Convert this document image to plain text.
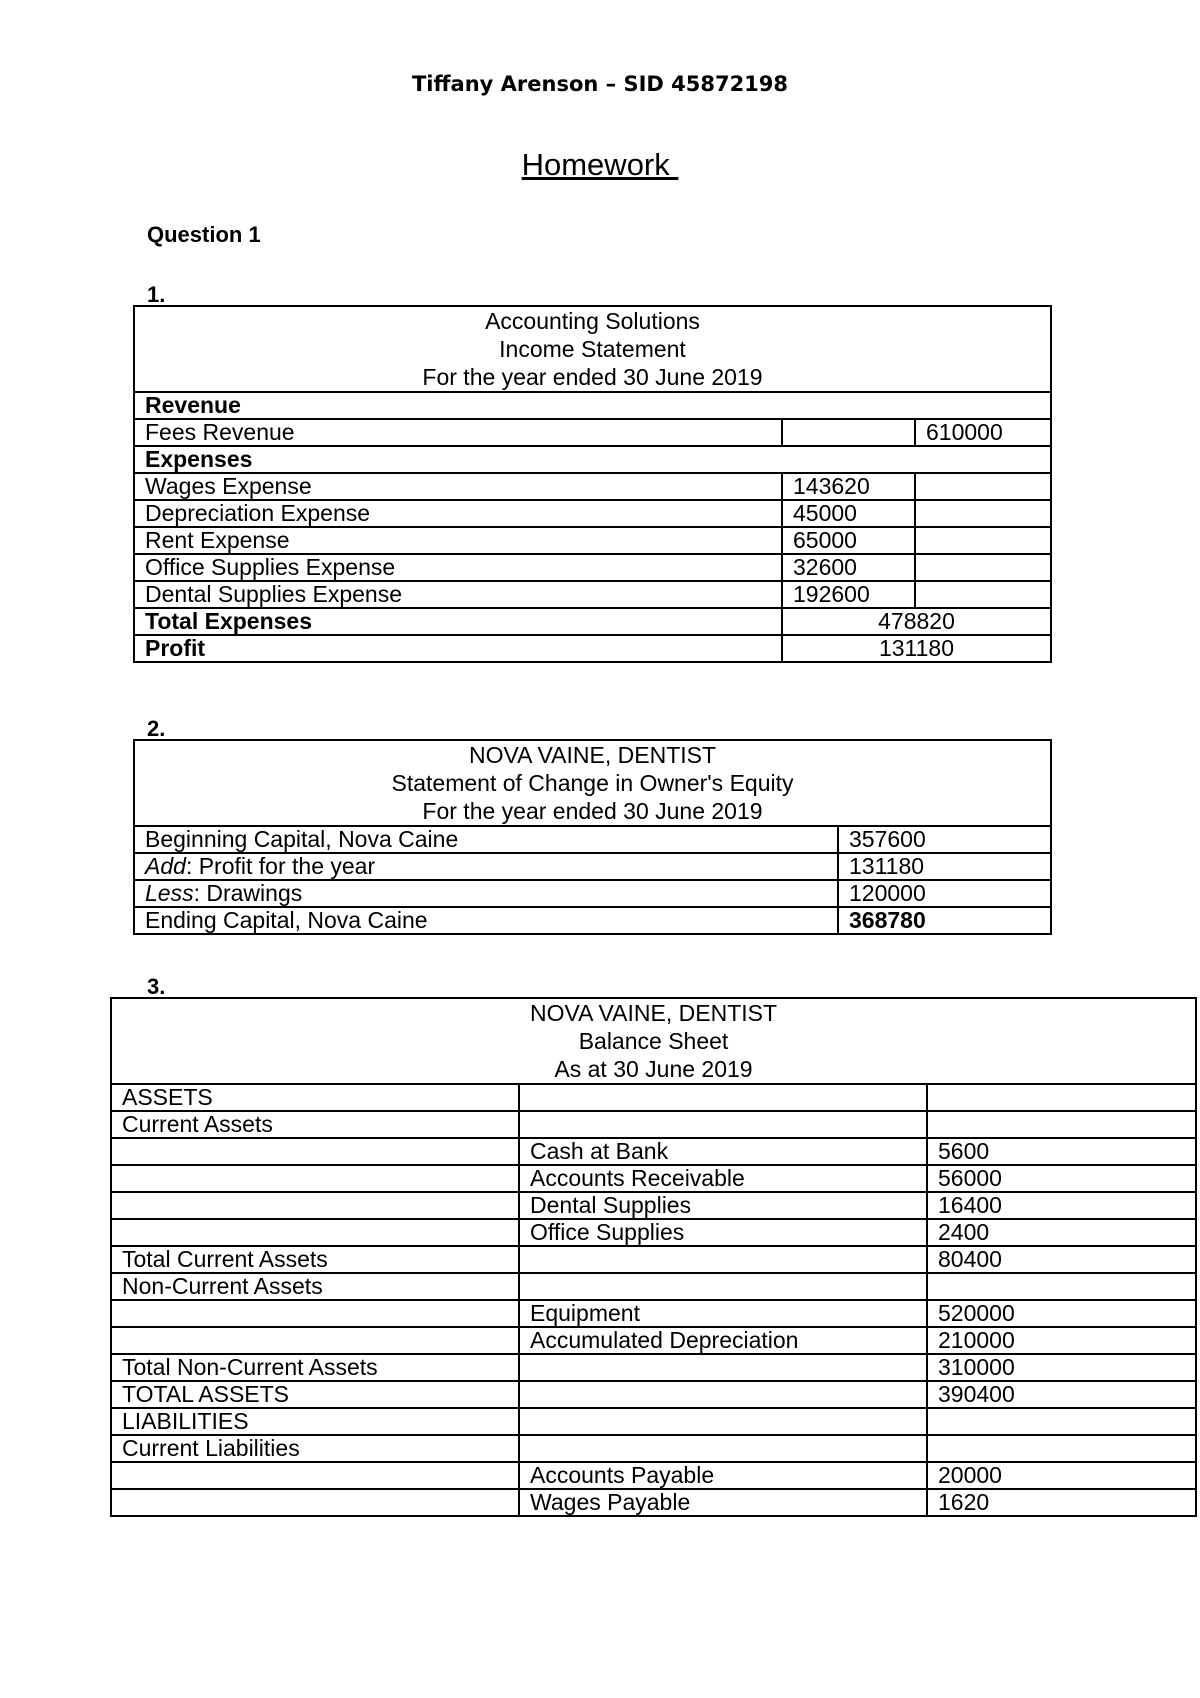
Tiffany Arenson – SID 45872198
Homework
Question 1
1.
Accounting Solutions
Income Statement
For the year ended 30 June 2019		

Revenue		
Fees Revenue		610000
Expenses		
Wages Expense	143620	
Depreciation Expense	45000	
Rent Expense	65000	
Office Supplies Expense	32600	
Dental Supplies Expense	192600	
Total Expenses	478820	
Profit	131180	
2.
NOVA VAINE, DENTIST
Statement of Change in Owner's Equity
For the year ended 30 June 2019	

Beginning Capital, Nova Caine	357600
Add: Profit for the year	131180
Less: Drawings	120000
Ending Capital, Nova Caine	368780
3.
NOVA VAINE, DENTIST
Balance Sheet
As at 30 June 2019		

ASSETS		
Current Assets		
	Cash at Bank	5600
	Accounts Receivable	56000
	Dental Supplies	16400
	Office Supplies	2400
Total Current Assets		80400
Non-Current Assets		
	Equipment	520000
	Accumulated Depreciation	210000
Total Non-Current Assets		310000
TOTAL ASSETS		390400
LIABILITIES		
Current Liabilities		
	Accounts Payable	20000
	Wages Payable	1620
